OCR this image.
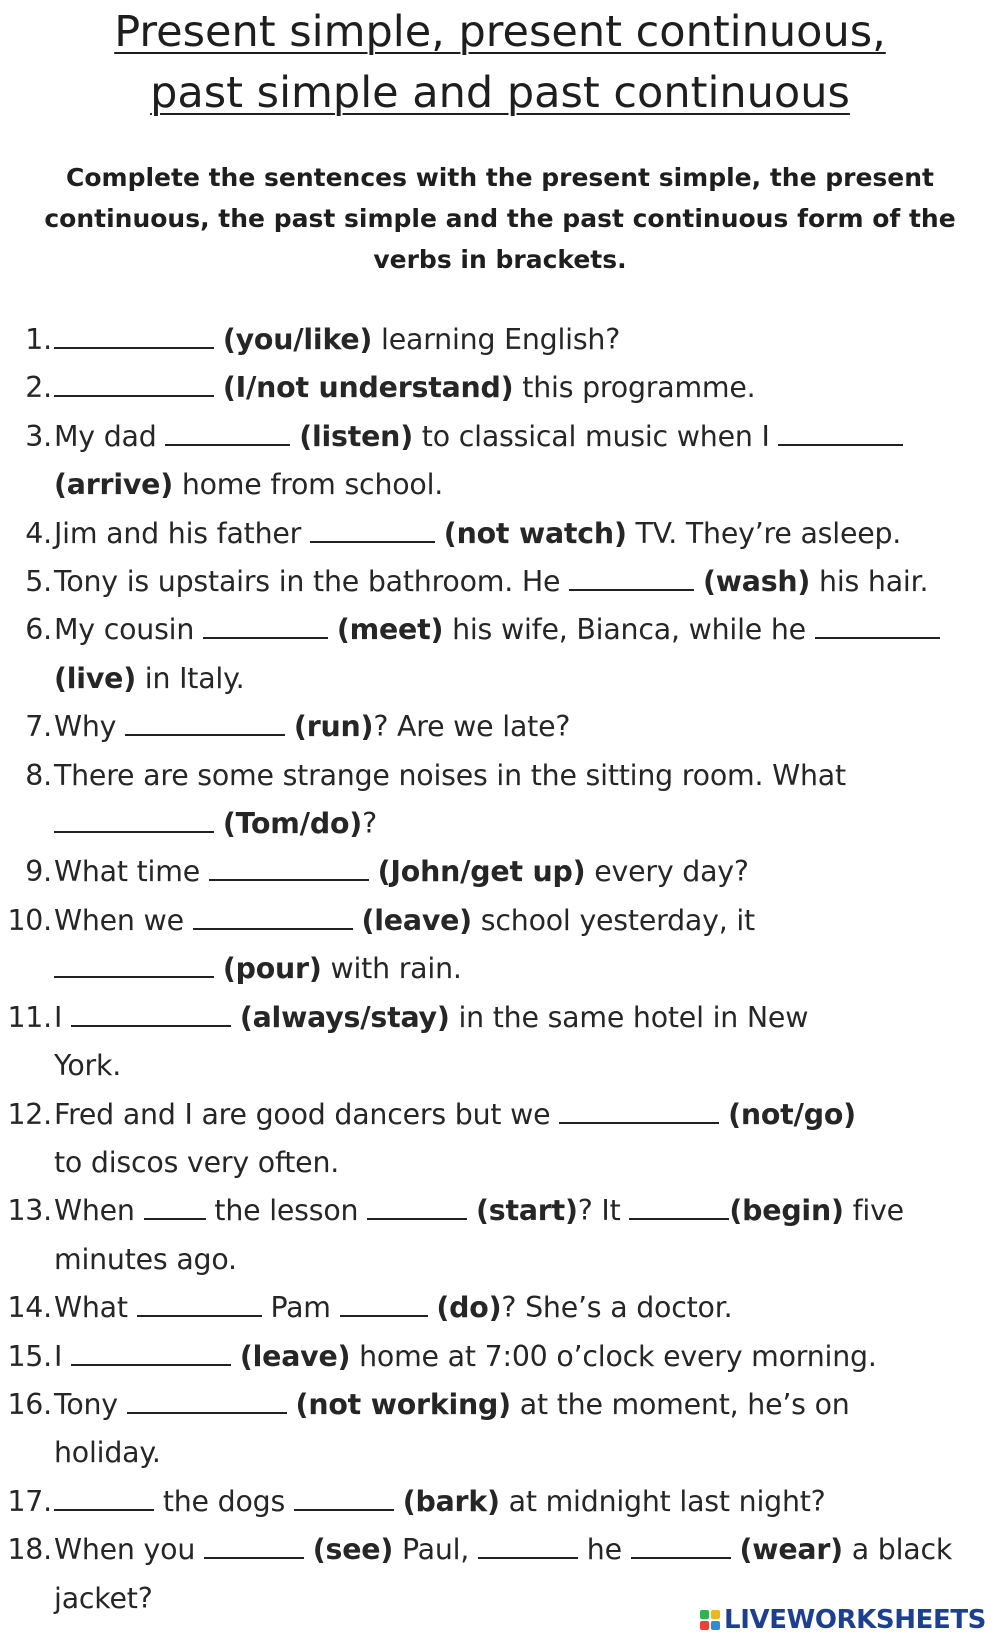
Present simple, present continuous,
past simple and past continuous

Complete the sentences with the present simple, the present continuous, the past simple and the past continuous form of the verbs in brackets.

1.	(you/like) learning English?
2.	(I/not understand) this programme.
3. My dad	(listen) to classical music when I
(arrive) home from school.
4. Jim and his father	(not watch) TV. They’re asleep.
5. Tony is upstairs in the bathroom. He	(wash) his hair.
6. My cousin	(meet) his wife, Bianca, while he
(live) in Italy.
7. Why	(run)? Are we late?
8. There are some strange noises in the sitting room. What
(Tom/do)?
9. What time	(John/get up) every day?
10. When we	(leave) school yesterday, it
(pour) with rain.
11. I	(always/stay) in the same hotel in New
York.
12. Fred and I are good dancers but we	(not/go)
to discos very often.
13. When  the lesson	(start)? It	(begin) five
minutes ago.
14. What	Pam	(do)? She’s a doctor.
15. I	(leave) home at 7:00 o’clock every morning.
16. Tony	(not working) at the moment, he’s on
holiday.
17.	the dogs	(bark) at midnight last night?
18. When you	(see) Paul,	he	(wear) a black
jacket?
LIVEWORKSHEETS
